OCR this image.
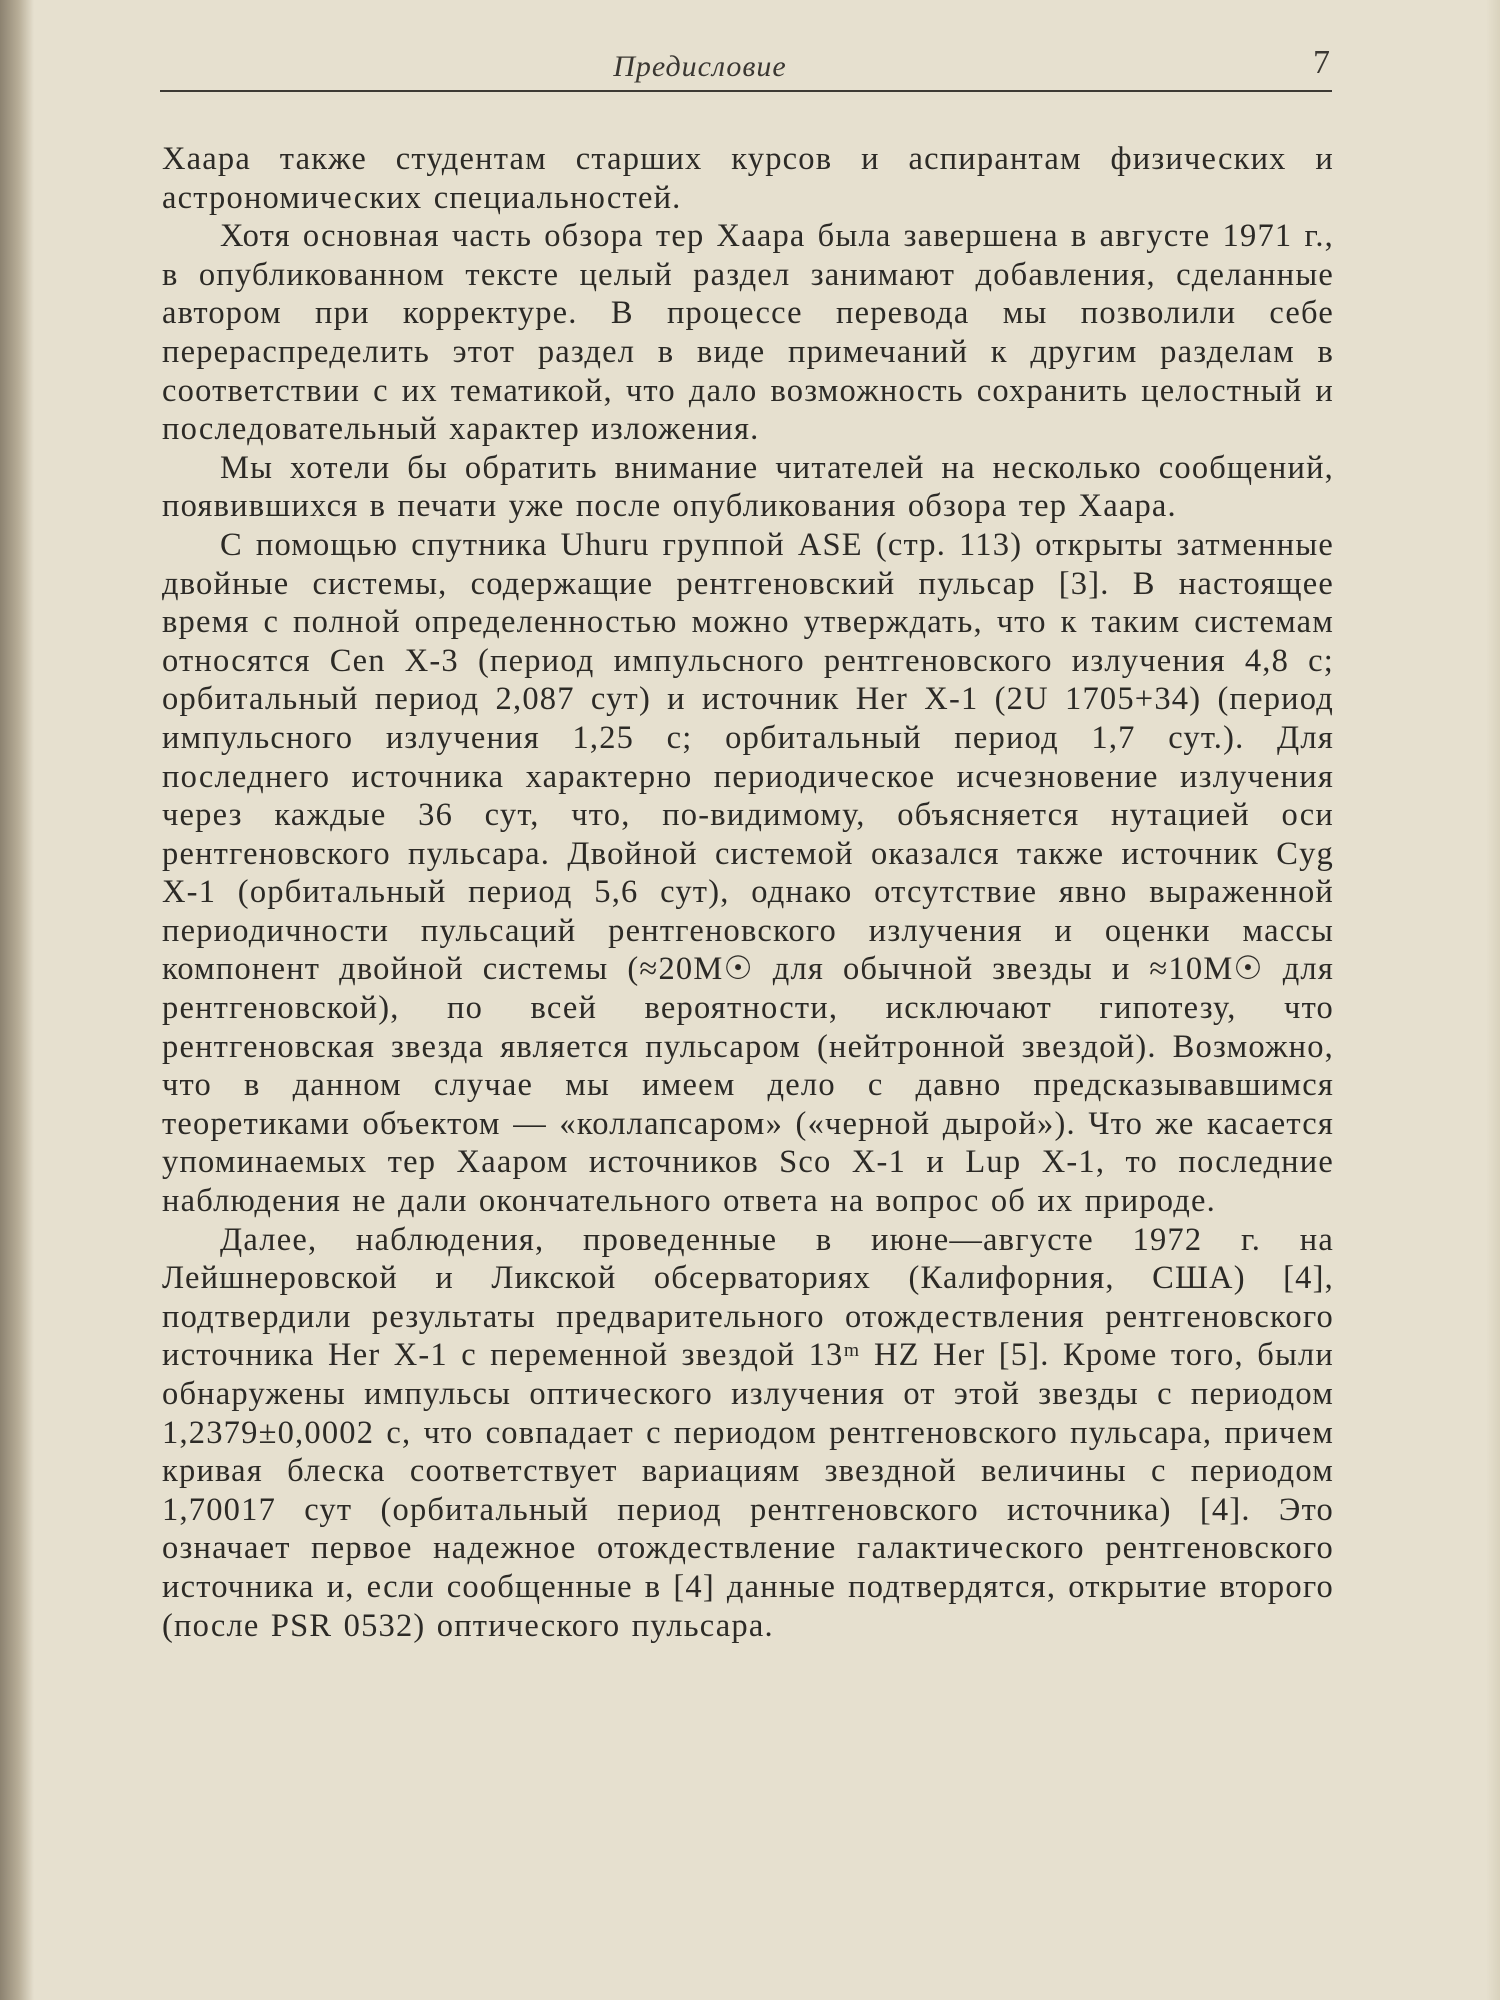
Предисловие	7

Хаара также студентам старших курсов и аспирантам физических и астрономических специальностей.

Хотя основная часть обзора тер Хаара была завершена в августе 1971 г., в опубликованном тексте целый раздел занимают добавления, сделанные автором при корректуре. В процессе перевода мы позволили себе перераспределить этот раздел в виде примечаний к другим разделам в соответствии с их тематикой, что дало возможность сохранить целостный и последовательный характер изложения.

Мы хотели бы обратить внимание читателей на несколько сообщений, появившихся в печати уже после опубликования обзора тер Хаара.

С помощью спутника Uhuru группой ASE (стр. 113) открыты затменные двойные системы, содержащие рентгеновский пульсар [3]. В настоящее время с полной определенностью можно утверждать, что к таким системам относятся Cen X-3 (период импульсного рентгеновского излучения 4,8 с; орбитальный период 2,087 сут) и источник Her X-1 (2U 1705+34) (период импульсного излучения 1,25 с; орбитальный период 1,7 сут.). Для последнего источника характерно периодическое исчезновение излучения через каждые 36 сут, что, по-видимому, объясняется нутацией оси рентгеновского пульсара. Двойной системой оказался также источник Cyg X-1 (орбитальный период 5,6 сут), однако отсутствие явно выраженной периодичности пульсаций рентгеновского излучения и оценки массы компонент двойной системы (≈20M☉ для обычной звезды и ≈10M☉ для рентгеновской), по всей вероятности, исключают гипотезу, что рентгеновская звезда является пульсаром (нейтронной звездой). Возможно, что в данном случае мы имеем дело с давно предсказывавшимся теоретиками объектом — «коллапсаром» («черной дырой»). Что же касается упоминаемых тер Хааром источников Sco X-1 и Lup X-1, то последние наблюдения не дали окончательного ответа на вопрос об их природе.

Далее, наблюдения, проведенные в июне—августе 1972 г. на Лейшнеровской и Ликской обсерваториях (Калифорния, США) [4], подтвердили результаты предварительного отождествления рентгеновского источника Her X-1 с переменной звездой 13ᵐ HZ Her [5]. Кроме того, были обнаружены импульсы оптического излучения от этой звезды с периодом 1,2379±0,0002 с, что совпадает с периодом рентгеновского пульсара, причем кривая блеска соответствует вариациям звездной величины с периодом 1,70017 сут (орбитальный период рентгеновского источника) [4]. Это означает первое надежное отождествление галактического рентгеновского источника и, если сообщенные в [4] данные подтвердятся, открытие второго (после PSR 0532) оптического пульсара.
